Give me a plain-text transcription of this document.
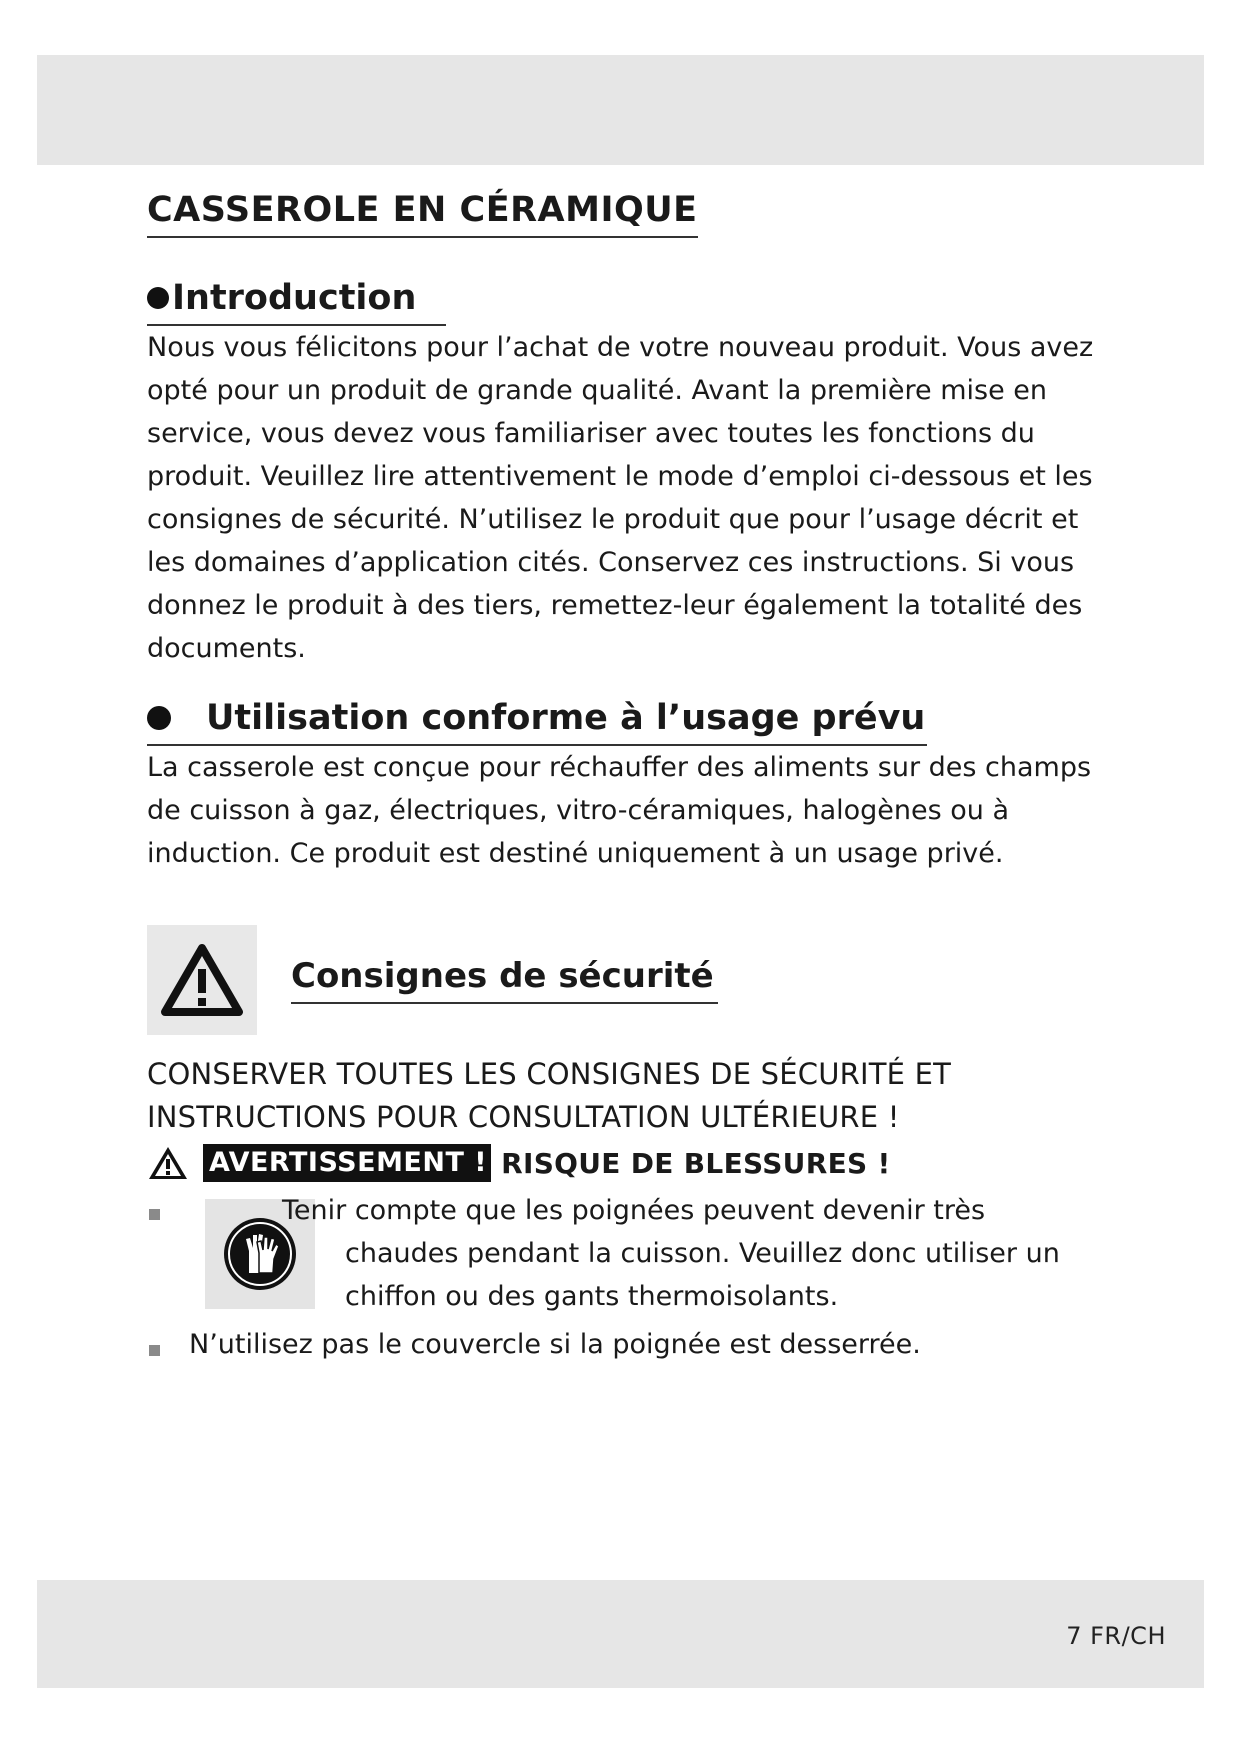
CASSEROLE EN CÉRAMIQUE
Introduction

Nous vous félicitons pour l’achat de votre nouveau produit. Vous avez opté pour un produit de grande qualité. Avant la première mise en service, vous devez vous familiariser avec toutes les fonctions du produit. Veuillez lire attentivement le mode d’emploi ci-dessous et les consignes de sécurité. N’utilisez le produit que pour l’usage décrit et les domaines d’application cités. Conservez ces instructions. Si vous donnez le produit à des tiers, remettez-leur également la totalité des documents.

Utilisation conforme à l’usage prévu

La casserole est conçue pour réchauffer des aliments sur des champs de cuisson à gaz, électriques, vitro-céramiques, halogènes ou à induction. Ce produit est destiné uniquement à un usage privé.

Consignes de sécurité
CONSERVER TOUTES LES CONSIGNES DE SÉCURITÉ ET
INSTRUCTIONS POUR CONSULTATION ULTÉRIEURE !
AVERTISSEMENT ! RISQUE DE BLESSURES !

Tenir compte que les poignées peuvent devenir très

chaudes pendant la cuisson. Veuillez donc utiliser un chiffon ou des gants thermoisolants.

N’utilisez pas le couvercle si la poignée est desserrée.

7 FR/CH
